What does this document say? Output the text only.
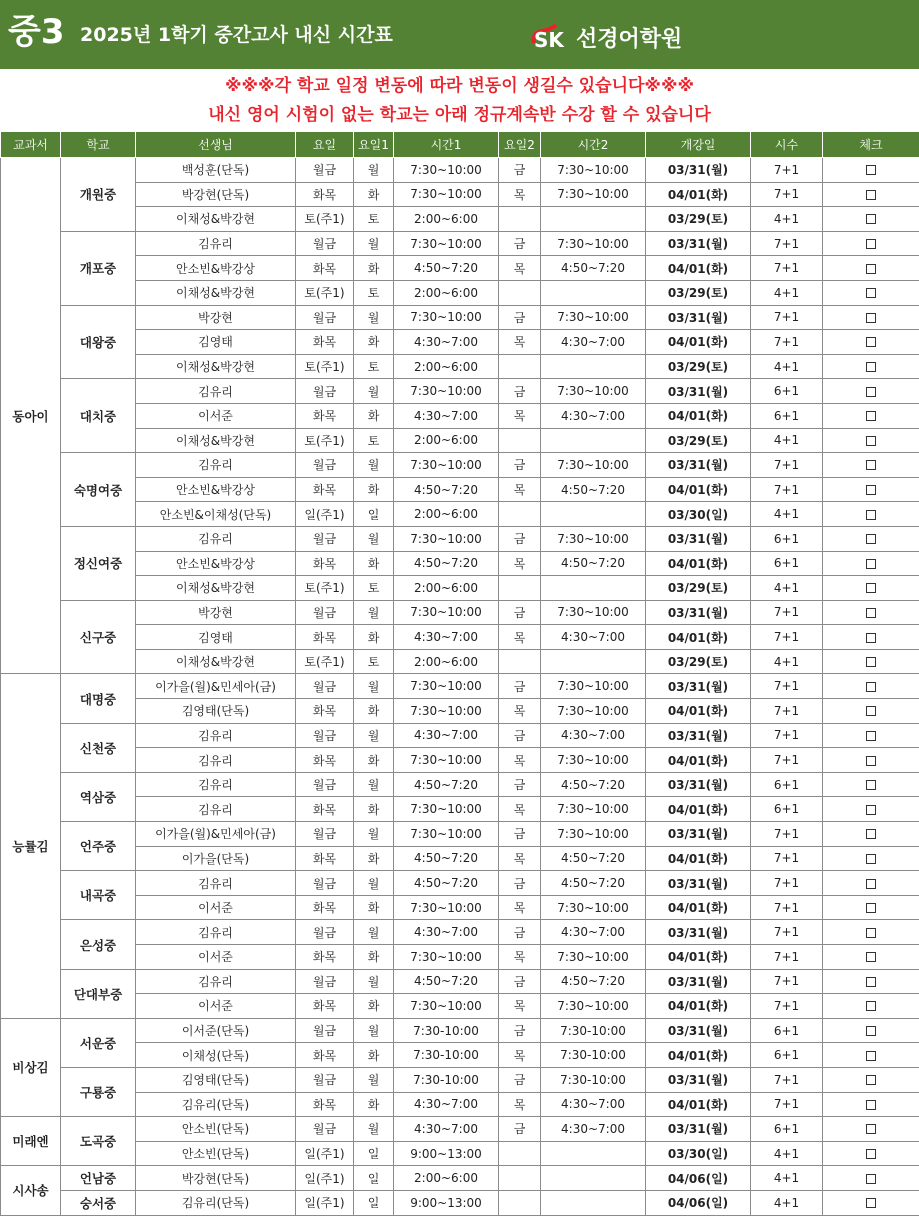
중3 2025년 1학기 중간고사 내신 시간표	SK 선경어학원
※※※각 학교 일정 변동에 따라 변동이 생길수 있습니다※※※
내신 영어 시험이 없는 학교는 아래 정규계속반 수강 할 수 있습니다
교과서	학교	선생님	요일	요일1	시간1	요일2	시간2	개강일	시수	체크
동아이	개원중	백성훈(단독)	월금	월	7:30~10:00	금	7:30~10:00	03/31(월)	7+1	
		박강현(단독)	화목	화	7:30~10:00	목	7:30~10:00	04/01(화)	7+1	
		이채성&박강현	토(주1)	토	2:00~6:00			03/29(토)	4+1	
	개포중	김유리	월금	월	7:30~10:00	금	7:30~10:00	03/31(월)	7+1	
		안소빈&박강상	화목	화	4:50~7:20	목	4:50~7:20	04/01(화)	7+1	
		이채성&박강현	토(주1)	토	2:00~6:00			03/29(토)	4+1	
	대왕중	박강현	월금	월	7:30~10:00	금	7:30~10:00	03/31(월)	7+1	
		김영태	화목	화	4:30~7:00	목	4:30~7:00	04/01(화)	7+1	
		이채성&박강현	토(주1)	토	2:00~6:00			03/29(토)	4+1	
	대치중	김유리	월금	월	7:30~10:00	금	7:30~10:00	03/31(월)	6+1	
		이서준	화목	화	4:30~7:00	목	4:30~7:00	04/01(화)	6+1	
		이채성&박강현	토(주1)	토	2:00~6:00			03/29(토)	4+1	
	숙명여중	김유리	월금	월	7:30~10:00	금	7:30~10:00	03/31(월)	7+1	
		안소빈&박강상	화목	화	4:50~7:20	목	4:50~7:20	04/01(화)	7+1	
		안소빈&이채성(단독)	일(주1)	일	2:00~6:00			03/30(일)	4+1	
	정신여중	김유리	월금	월	7:30~10:00	금	7:30~10:00	03/31(월)	6+1	
		안소빈&박강상	화목	화	4:50~7:20	목	4:50~7:20	04/01(화)	6+1	
		이채성&박강현	토(주1)	토	2:00~6:00			03/29(토)	4+1	
	신구중	박강현	월금	월	7:30~10:00	금	7:30~10:00	03/31(월)	7+1	
		김영태	화목	화	4:30~7:00	목	4:30~7:00	04/01(화)	7+1	
		이채성&박강현	토(주1)	토	2:00~6:00			03/29(토)	4+1	
능률김	대명중	이가을(월)&민세아(금)	월금	월	7:30~10:00	금	7:30~10:00	03/31(월)	7+1	
		김영태(단독)	화목	화	7:30~10:00	목	7:30~10:00	04/01(화)	7+1	
	신천중	김유리	월금	월	4:30~7:00	금	4:30~7:00	03/31(월)	7+1	
		김유리	화목	화	7:30~10:00	목	7:30~10:00	04/01(화)	7+1	
	역삼중	김유리	월금	월	4:50~7:20	금	4:50~7:20	03/31(월)	6+1	
		김유리	화목	화	7:30~10:00	목	7:30~10:00	04/01(화)	6+1	
	언주중	이가을(월)&민세아(금)	월금	월	7:30~10:00	금	7:30~10:00	03/31(월)	7+1	
		이가을(단독)	화목	화	4:50~7:20	목	4:50~7:20	04/01(화)	7+1	
	내곡중	김유리	월금	월	4:50~7:20	금	4:50~7:20	03/31(월)	7+1	
		이서준	화목	화	7:30~10:00	목	7:30~10:00	04/01(화)	7+1	
	은성중	김유리	월금	월	4:30~7:00	금	4:30~7:00	03/31(월)	7+1	
		이서준	화목	화	7:30~10:00	목	7:30~10:00	04/01(화)	7+1	
	단대부중	김유리	월금	월	4:50~7:20	금	4:50~7:20	03/31(월)	7+1	
		이서준	화목	화	7:30~10:00	목	7:30~10:00	04/01(화)	7+1	
비상김	서운중	이서준(단독)	월금	월	7:30-10:00	금	7:30-10:00	03/31(월)	6+1	
		이채성(단독)	화목	화	7:30-10:00	목	7:30-10:00	04/01(화)	6+1	
	구룡중	김영태(단독)	월금	월	7:30-10:00	금	7:30-10:00	03/31(월)	7+1	
		김유리(단독)	화목	화	4:30~7:00	목	4:30~7:00	04/01(화)	7+1	
미래엔	도곡중	안소빈(단독)	월금	월	4:30~7:00	금	4:30~7:00	03/31(월)	6+1	
		안소빈(단독)	일(주1)	일	9:00~13:00			03/30(일)	4+1	
시사송	언남중	박강현(단독)	일(주1)	일	2:00~6:00			04/06(일)	4+1	
	숭서중	김유리(단독)	일(주1)	일	9:00~13:00			04/06(일)	4+1	
